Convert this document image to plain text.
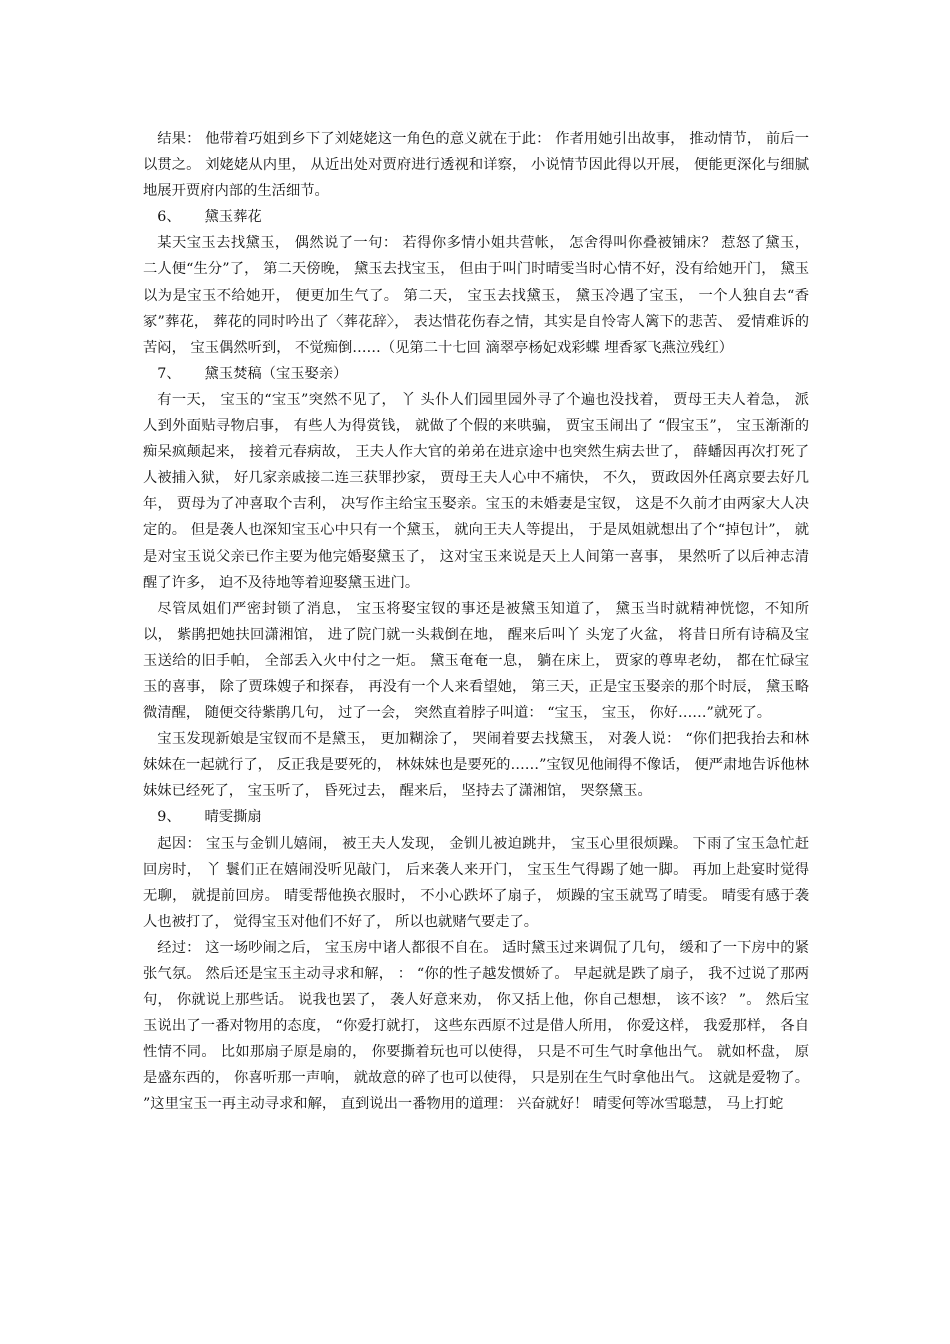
结果： 他带着巧姐到乡下了刘姥姥这一角色的意义就在于此： 作者用她引出故事， 推动情节， 前后一以贯之。 刘姥姥从内里， 从近出处对贾府进行透视和详察， 小说情节因此得以开展， 便能更深化与细腻地展开贾府内部的生活细节。

6、 黛玉葬花

某天宝玉去找黛玉， 偶然说了一句： 若得你多情小姐共营帐， 怎舍得叫你叠被铺床？ 惹怒了黛玉， 二人便“生分”了， 第二天傍晚， 黛玉去找宝玉， 但由于叫门时晴雯当时心情不好，没有给她开门， 黛玉以为是宝玉不给她开， 便更加生气了。 第二天， 宝玉去找黛玉， 黛玉冷遇了宝玉， 一个人独自去“香冢”葬花， 葬花的同时吟出了〈葬花辞〉， 表达惜花伤春之情，其实是自怜寄人篱下的悲苦、 爱情难诉的苦闷， 宝玉偶然听到， 不觉痴倒……（见第二十七回 滴翠亭杨妃戏彩蝶 埋香冢飞燕泣残红）

7、 黛玉焚稿（宝玉娶亲）

有一天， 宝玉的“宝玉”突然不见了， 丫 头仆人们园里园外寻了个遍也没找着， 贾母王夫人着急， 派人到外面贴寻物启事， 有些人为得赏钱， 就做了个假的来哄骗， 贾宝玉闹出了 “假宝玉”， 宝玉渐渐的痴呆疯颠起来， 接着元春病故， 王夫人作大官的弟弟在进京途中也突然生病去世了， 薛蟠因再次打死了人被捕入狱， 好几家亲戚接二连三获罪抄家， 贾母王夫人心中不痛快， 不久， 贾政因外任离京要去好几年， 贾母为了冲喜取个吉利， 决写作主给宝玉娶亲。宝玉的未婚妻是宝钗， 这是不久前才由两家大人决定的。 但是袭人也深知宝玉心中只有一个黛玉， 就向王夫人等提出， 于是凤姐就想出了个“掉包计”， 就是对宝玉说父亲已作主要为他完婚娶黛玉了， 这对宝玉来说是天上人间第一喜事， 果然听了以后神志清醒了许多， 迫不及待地等着迎娶黛玉进门。

尽管凤姐们严密封锁了消息， 宝玉将娶宝钗的事还是被黛玉知道了， 黛玉当时就精神恍惚，不知所以， 紫鹃把她扶回潇湘馆， 进了院门就一头栽倒在地， 醒来后叫丫 头宠了火盆， 将昔日所有诗稿及宝玉送给的旧手帕， 全部丢入火中付之一炬。 黛玉奄奄一息， 躺在床上， 贾家的尊卑老幼， 都在忙碌宝玉的喜事， 除了贾珠嫂子和探春， 再没有一个人来看望她， 第三天，正是宝玉娶亲的那个时辰， 黛玉略微清醒， 随便交待紫鹃几句， 过了一会， 突然直着脖子叫道： “宝玉， 宝玉， 你好……”就死了。

宝玉发现新娘是宝钗而不是黛玉， 更加糊涂了， 哭闹着要去找黛玉， 对袭人说： “你们把我抬去和林妹妹在一起就行了， 反正我是要死的， 林妹妹也是要死的……”宝钗见他闹得不像话， 便严肃地告诉他林妹妹已经死了， 宝玉听了， 昏死过去， 醒来后， 坚持去了潇湘馆， 哭祭黛玉。

9、 晴雯撕扇

起因： 宝玉与金钏儿嬉闹， 被王夫人发现， 金钏儿被迫跳井， 宝玉心里很烦躁。 下雨了宝玉急忙赶回房时， 丫 鬟们正在嬉闹没听见敲门， 后来袭人来开门， 宝玉生气得踢了她一脚。 再加上赴宴时觉得无聊， 就提前回房。 晴雯帮他换衣服时， 不小心跌坏了扇子， 烦躁的宝玉就骂了晴雯。 晴雯有感于袭人也被打了， 觉得宝玉对他们不好了， 所以也就赌气要走了。

经过： 这一场吵闹之后， 宝玉房中诸人都很不自在。 适时黛玉过来调侃了几句， 缓和了一下房中的紧张气氛。 然后还是宝玉主动寻求和解， ： “你的性子越发惯娇了。 早起就是跌了扇子， 我不过说了那两句， 你就说上那些话。 说我也罢了， 袭人好意来劝， 你又括上他，你自己想想， 该不该？ ”。 然后宝玉说出了一番对物用的态度， “你爱打就打， 这些东西原不过是借人所用， 你爱这样， 我爱那样， 各自性情不同。 比如那扇子原是扇的， 你要撕着玩也可以使得， 只是不可生气时拿他出气。 就如杯盘， 原是盛东西的， 你喜听那一声响， 就故意的碎了也可以使得， 只是别在生气时拿他出气。 这就是爱物了。 ”这里宝玉一再主动寻求和解， 直到说出一番物用的道理： 兴奋就好！ 晴雯何等冰雪聪慧， 马上打蛇
